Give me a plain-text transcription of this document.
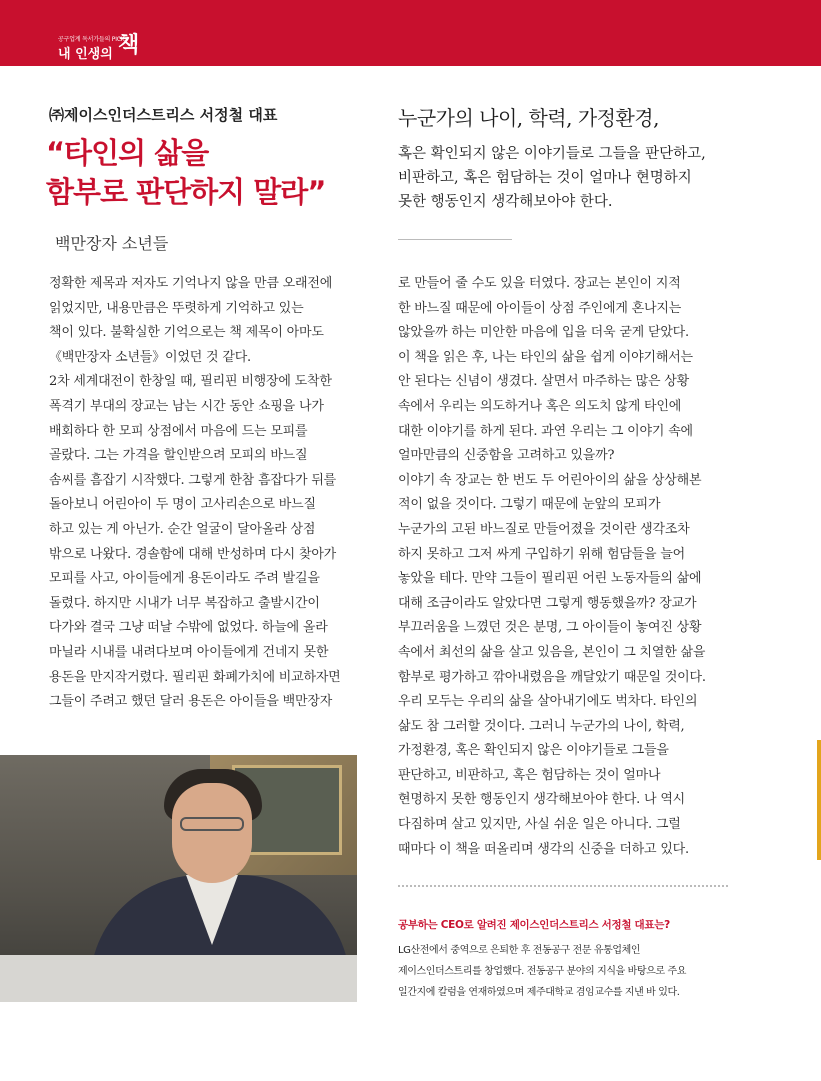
공구업계 독서가들의 PICK
내 인생의 책
㈜제이스인더스트리스 서정철 대표
“타인의 삶을
함부로 판단하지 말라”
백만장자 소년들
누군가의 나이, 학력, 가정환경,

혹은 확인되지 않은 이야기들로 그들을 판단하고,

비판하고, 혹은 험담하는 것이 얼마나 현명하지

못한 행동인지 생각해보아야 한다.

정확한 제목과 저자도 기억나지 않을 만큼 오래전에

읽었지만, 내용만큼은 뚜렷하게 기억하고 있는

책이 있다. 불확실한 기억으로는 책 제목이 아마도

《백만장자 소년들》이었던 것 같다.

2차 세계대전이 한창일 때, 필리핀 비행장에 도착한

폭격기 부대의 장교는 남는 시간 동안 쇼핑을 나가

배회하다 한 모피 상점에서 마음에 드는 모피를

골랐다. 그는 가격을 할인받으려 모피의 바느질

솜씨를 흠잡기 시작했다. 그렇게 한참 흠잡다가 뒤를

돌아보니 어린아이 두 명이 고사리손으로 바느질

하고 있는 게 아닌가. 순간 얼굴이 달아올라 상점

밖으로 나왔다. 경솔함에 대해 반성하며 다시 찾아가

모피를 사고, 아이들에게 용돈이라도 주려 발길을

돌렸다. 하지만 시내가 너무 복잡하고 출발시간이

다가와 결국 그냥 떠날 수밖에 없었다. 하늘에 올라

마닐라 시내를 내려다보며 아이들에게 건네지 못한

용돈을 만지작거렸다. 필리핀 화폐가치에 비교하자면

그들이 주려고 했던 달러 용돈은 아이들을 백만장자

로 만들어 줄 수도 있을 터였다. 장교는 본인이 지적

한 바느질 때문에 아이들이 상점 주인에게 혼나지는

않았을까 하는 미안한 마음에 입을 더욱 굳게 닫았다.

이 책을 읽은 후, 나는 타인의 삶을 쉽게 이야기해서는

안 된다는 신념이 생겼다. 살면서 마주하는 많은 상황

속에서 우리는 의도하거나 혹은 의도치 않게 타인에

대한 이야기를 하게 된다. 과연 우리는 그 이야기 속에

얼마만큼의 신중함을 고려하고 있을까?

이야기 속 장교는 한 번도 두 어린아이의 삶을 상상해본

적이 없을 것이다. 그렇기 때문에 눈앞의 모피가

누군가의 고된 바느질로 만들어졌을 것이란 생각조차

하지 못하고 그저 싸게 구입하기 위해 험담들을 늘어

놓았을 테다. 만약 그들이 필리핀 어린 노동자들의 삶에

대해 조금이라도 알았다면 그렇게 행동했을까? 장교가

부끄러움을 느꼈던 것은 분명, 그 아이들이 놓여진 상황

속에서 최선의 삶을 살고 있음을, 본인이 그 치열한 삶을

함부로 평가하고 깎아내렸음을 깨달았기 때문일 것이다.

우리 모두는 우리의 삶을 살아내기에도 벅차다. 타인의

삶도 참 그러할 것이다. 그러니 누군가의 나이, 학력,

가정환경, 혹은 확인되지 않은 이야기들로 그들을

판단하고, 비판하고, 혹은 험담하는 것이 얼마나

현명하지 못한 행동인지 생각해보아야 한다. 나 역시

다짐하며 살고 있지만, 사실 쉬운 일은 아니다. 그럴

때마다 이 책을 떠올리며 생각의 신중을 더하고 있다.

공부하는 CEO로 알려진 제이스인더스트리스 서정철 대표는?

LG산전에서 중역으로 은퇴한 후 전동공구 전문 유통업체인

제이스인더스트리를 창업했다. 전동공구 분야의 지식을 바탕으로 주요

일간지에 칼럼을 연재하였으며 제주대학교 겸임교수를 지낸 바 있다.
